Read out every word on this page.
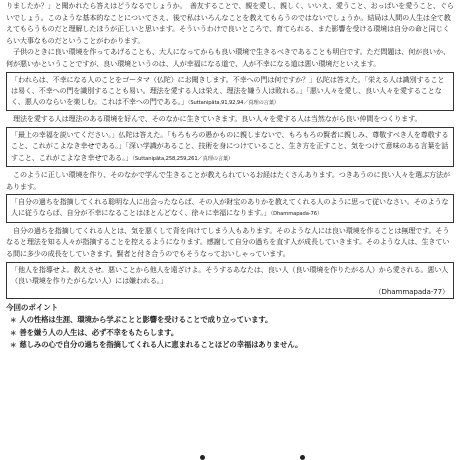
りましたか？」と聞かれたら答えはどうなるでしょうか。　善友することで、親を愛し、親しく、いいえ、愛うこと、おっぱいを愛うこと、ぐらいでしょう。このような基本的なことについてさえ、後で私はいろんなことを教えてもらうのではないでしょうか。結局は人間の人生は全て教えてもらうものだと理解したほうが正しいと思います。そういうわけで良いところで、育てられる、また影響を受ける環境は自分の命と同じくらい大事なものだということがわかります。

子供のときに良い環境を作ってあげることも、大人になってからも良い環境で生きるべきであることも明白です。ただ問題は、何が良いか、何が悪いかということですが、良い環境というのは、人が幸福になる道で、人が不幸になる道は悪い環境だといえます。

「われらは、不幸になる人のことをゴータマ（仏陀）にお聞きします。不幸への門は何ですか？」仏陀は答えた。「栄える人は識別することは易く、不幸への門を識別することも易い。理法を愛する人は栄え、理法を嫌う人は敗れる。」「悪い人々を愛し、良い人々を愛することなく、悪人のならいを楽しむ。これは不幸への門である。」（Suttanipāta,91,92,94／真理の言葉）

理法を愛する人は理法のある環境を好んで、そのなかに生きていきます。良い人々を愛する人は当然ながら良い仲間をつくります。

「最上の幸福を説いてください。」仏陀は答えた。「もろもろの愚かものに親しまないで、もろもろの賢者に親しみ、尊敬すべき人を尊敬すること、これがこよなき幸せである。」「深い学識があること、技術を身につけていること、生き方を正すこと、気をつけて意味のある言葉を話すこと、これがこよなき幸せである。」（Suttanipāta,258,259,261／真理の言葉）

このように正しい環境を作り、そのなかで学んで生きることが教えられているお経はたくさんあります。つきあうのに良い人々を選ぶ方法があります。

「自分の過ちを指摘してくれる聡明な人に出会ったならば、その人が財宝のありかを教えてくれる人のように思って従いなさい。そのような人に従うならば、自分が不幸になることはほとんどなく、徐々に幸福になります。」（Dhammapada-76）

自分の過ちを指摘してくれる人とは、気を悪くして背を向けてしまう人もあります。そのような人には良い環境を作ることは無理です。そうなると理法を知る人々が指摘することを控えるようになります。感謝して自分の過ちを直す人が成長していきます。そのような人は、生きている間に多少の成長をしていきます。賢者と付き合うのでもそうなっておいしゃっています。

「他人を指導せよ。教えさせ。悪いことから他人を遠ざけよ。そうするあなたは、良い人（良い環境を作りたがる人）から愛される。悪い人（良い環境を作りたがらない人）には嫌われる。」

（Dhammapada-77）

今回のポイント

＊ 人の性格は生涯、環境から学ぶことと影響を受けることで成り立っています。

＊ 善を嫌う人の人生は、必ず不幸をもたらします。

＊ 慈しみの心で自分の過ちを指摘してくれる人に恵まれることほどの幸福はありません。
